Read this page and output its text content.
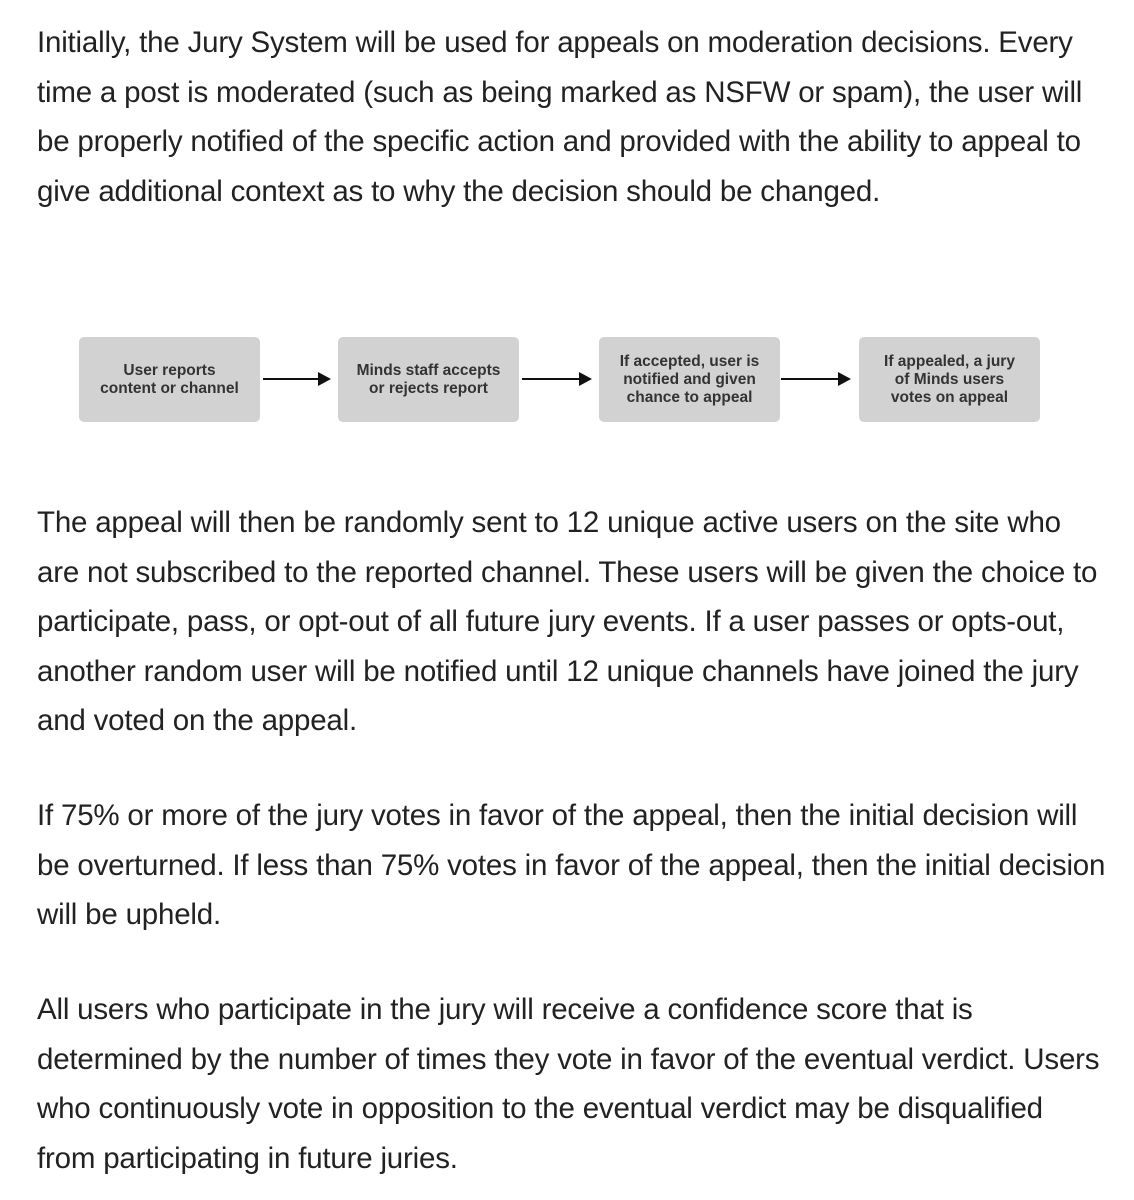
Initially, the Jury System will be used for appeals on moderation decisions. Every time a post is moderated (such as being marked as NSFW or spam), the user will be properly notified of the specific action and provided with the ability to appeal to give additional context as to why the decision should be changed.

User reports
content or channel
Minds staff accepts
or rejects report
If accepted, user is
notified and given
chance to appeal
If appealed, a jury
of Minds users
votes on appeal

The appeal will then be randomly sent to 12 unique active users on the site who are not subscribed to the reported channel. These users will be given the choice to participate, pass, or opt-out of all future jury events. If a user passes or opts-out, another random user will be notified until 12 unique channels have joined the jury and voted on the appeal.

If 75% or more of the jury votes in favor of the appeal, then the initial decision will be overturned. If less than 75% votes in favor of the appeal, then the initial decision will be upheld.

All users who participate in the jury will receive a confidence score that is determined by the number of times they vote in favor of the eventual verdict. Users who continuously vote in opposition to the eventual verdict may be disqualified from participating in future juries.
